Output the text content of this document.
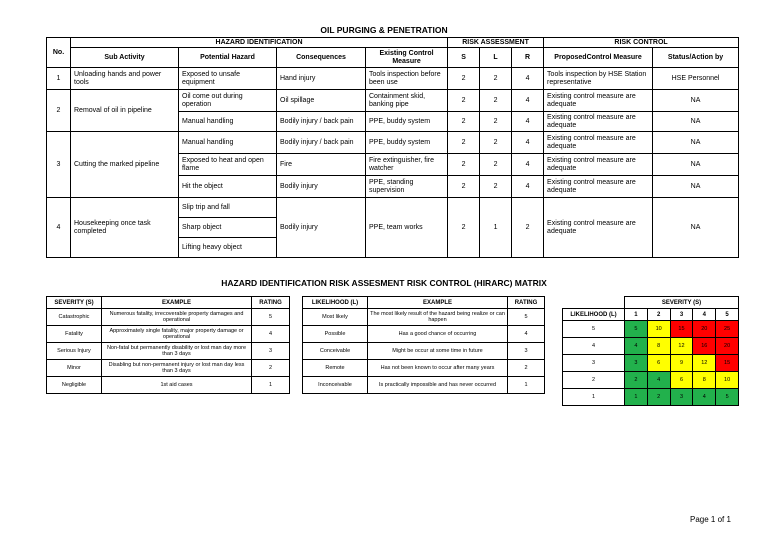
OIL PURGING & PENETRATION
No.	HAZARD IDENTIFICATION				RISK ASSESSMENT			RISK CONTROL	
	Sub Activity	Potential Hazard	Consequences	Existing Control Measure	S	L	R	ProposedControl Measure	Status/Action by
1	Unloading hands and power tools	Exposed to unsafe equipment	Hand injury	Tools inspection before been use	2	2	4	Tools inspection by HSE Station representative	HSE Personnel
2	Removal of oil in pipeline	Oil come out during operation	Oil spillage	Containment skid, banking pipe	2	2	4	Existing control measure are adequate	NA
		Manual handling	Bodily injury / back pain	PPE, buddy system	2	2	4	Existing control measure are adequate	NA
3	Cutting the marked pipeline	Manual handling	Bodily injury / back pain	PPE, buddy system	2	2	4	Existing control measure are adequate	NA
		Exposed to heat and open flame	Fire	Fire extinguisher, fire watcher	2	2	4	Existing control measure are adequate	NA
		Hit the object	Bodily injury	PPE, standing supervision	2	2	4	Existing control measure are adequate	NA
4	Housekeeping once task completed	Slip trip and fall	Bodily injury	PPE, team works	2	1	2	Existing control measure are adequate	NA
		Sharp object							
		Lifting heavy object							
HAZARD IDENTIFICATION RISK ASSESMENT RISK CONTROL (HIRARC) MATRIX
SEVERITY (S)	EXAMPLE	RATING
Catastrophic	Numerous fatality, irrecoverable property damages and operational	5
Fatality	Approximately single fatality, major property damage or operational	4
Serious Injury	Non-fatal but permanently disability or lost man day more than 3 days	3
Minor	Disabling but non-permanent injury or lost man day less than 3 days	2
Negligible	1st aid cases	1
LIKELIHOOD (L)	EXAMPLE	RATING
Most likely	The most likely result of the hazard being realize or can happen	5
Possible	Has a good chance of occurring	4
Conceivable	Might be occur at some time in future	3
Remote	Has not been known to occur after many years	2
Inconceivable	Is practically impossible and has never occurred	1
	SEVERITY (S)				
LIKELIHOOD (L)	1	2	3	4	5
5	5	10	15	20	25
4	4	8	12	16	20
3	3	6	9	12	15
2	2	4	6	8	10
1	1	2	3	4	5
Page 1 of 1
